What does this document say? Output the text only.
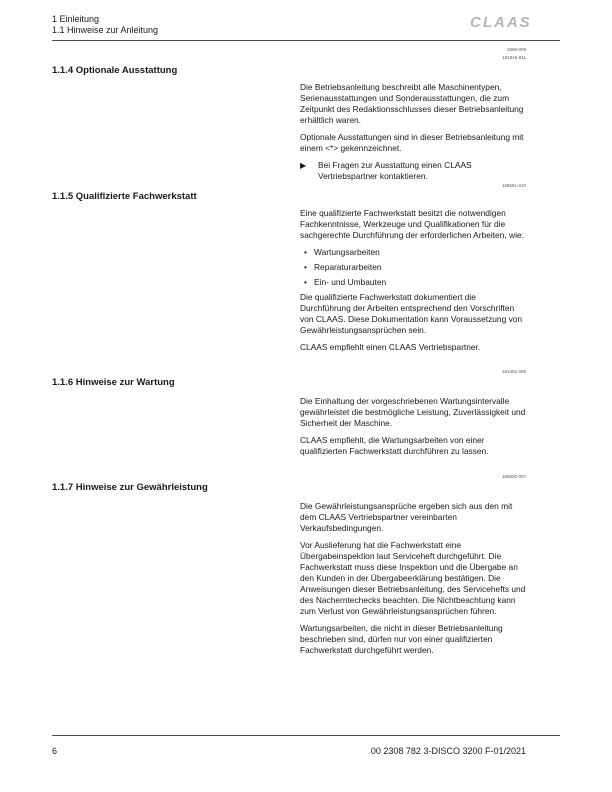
1 Einleitung
1.1 Hinweise zur Anleitung	CLAAS
2666-009
161016-011
1.1.4 Optionale Ausstattung

Die Betriebsanleitung beschreibt alle Maschinentypen, Serienausstattungen und Sonderausstattungen, die zum Zeitpunkt des Redaktionsschlusses dieser Betriebsanleitung erhältlich waren.

Optionale Ausstattungen sind in dieser Betriebsanleitung mit einem <*> gekennzeichnet.

▶ Bei Fragen zur Ausstattung einen CLAAS Vertriebspartner kontaktieren.
158561-010
1.1.5 Qualifizierte Fachwerkstatt

Eine qualifizierte Fachwerkstatt besitzt die notwendigen Fachkenntnisse, Werkzeuge und Qualifikationen für die sachgerechte Durchführung der erforderlichen Arbeiten, wie:

• Wartungsarbeiten
• Reparaturarbeiten
• Ein- und Umbauten

Die qualifizierte Fachwerkstatt dokumentiert die Durchführung der Arbeiten entsprechend den Vorschriften von CLAAS. Diese Dokumentation kann Voraussetzung von Gewährleistungsansprüchen sein.

CLAAS empfiehlt einen CLAAS Vertriebspartner.

161401-009
1.1.6 Hinweise zur Wartung

Die Einhaltung der vorgeschriebenen Wartungsintervalle gewährleistet die bestmögliche Leistung, Zuverlässigkeit und Sicherheit der Maschine.

CLAAS empfiehlt, die Wartungsarbeiten von einer qualifizierten Fachwerkstatt durchführen zu lassen.

169620-007
1.1.7 Hinweise zur Gewährleistung

Die Gewährleistungsansprüche ergeben sich aus den mit dem CLAAS Vertriebspartner vereinbarten Verkaufsbedingungen.

Vor Auslieferung hat die Fachwerkstatt eine Übergabeinspektion laut Serviceheft durchgeführt. Die Fachwerkstatt muss diese Inspektion und die Übergabe an den Kunden in der Übergabeerklärung bestätigen. Die Anweisungen dieser Betriebsanleitung, des Servicehefts und des Nacherntechecks beachten. Die Nichtbeachtung kann zum Verlust von Gewährleistungsansprüchen führen.

Wartungsarbeiten, die nicht in dieser Betriebsanleitung beschrieben sind, dürfen nur von einer qualifizierten Fachwerkstatt durchgeführt werden.

6	00 2308 782 3-DISCO 3200 F-01/2021
